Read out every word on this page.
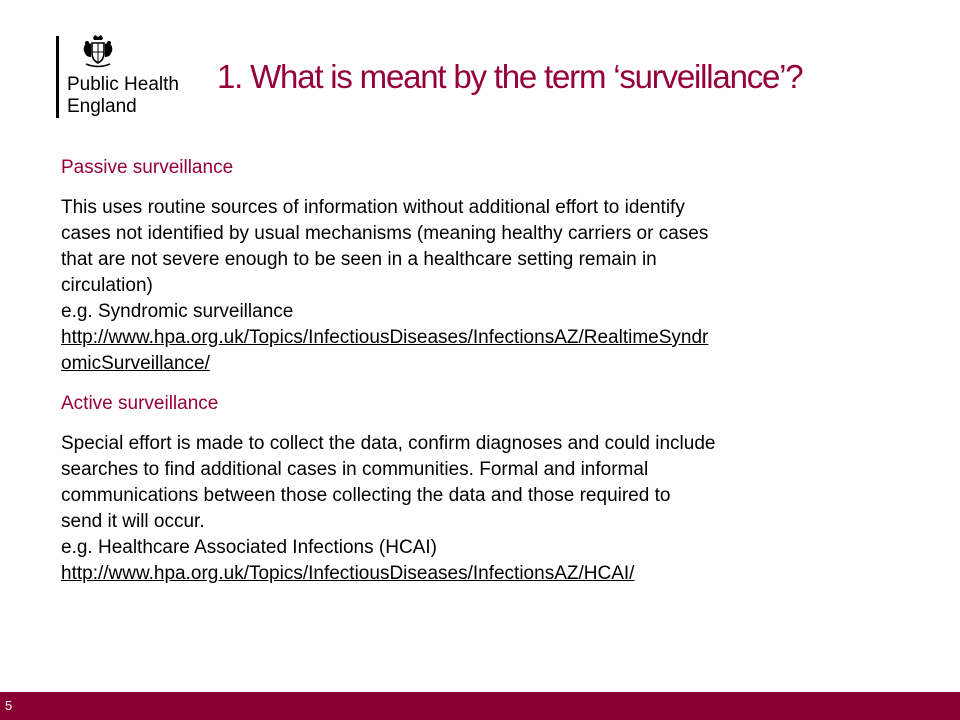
Public Health
England
1. What is meant by the term ‘surveillance’?

Passive surveillance

This uses routine sources of information without additional effort to identify
cases not identified by usual mechanisms (meaning healthy carriers or cases
that are not severe enough to be seen in a healthcare setting remain in
circulation)
e.g. Syndromic surveillance
http://www.hpa.org.uk/Topics/InfectiousDiseases/InfectionsAZ/RealtimeSyndr
omicSurveillance/

Active surveillance

Special effort is made to collect the data, confirm diagnoses and could include
searches to find additional cases in communities. Formal and informal
communications between those collecting the data and those required to
send it will occur.
e.g. Healthcare Associated Infections (HCAI)
http://www.hpa.org.uk/Topics/InfectiousDiseases/InfectionsAZ/HCAI/

5
